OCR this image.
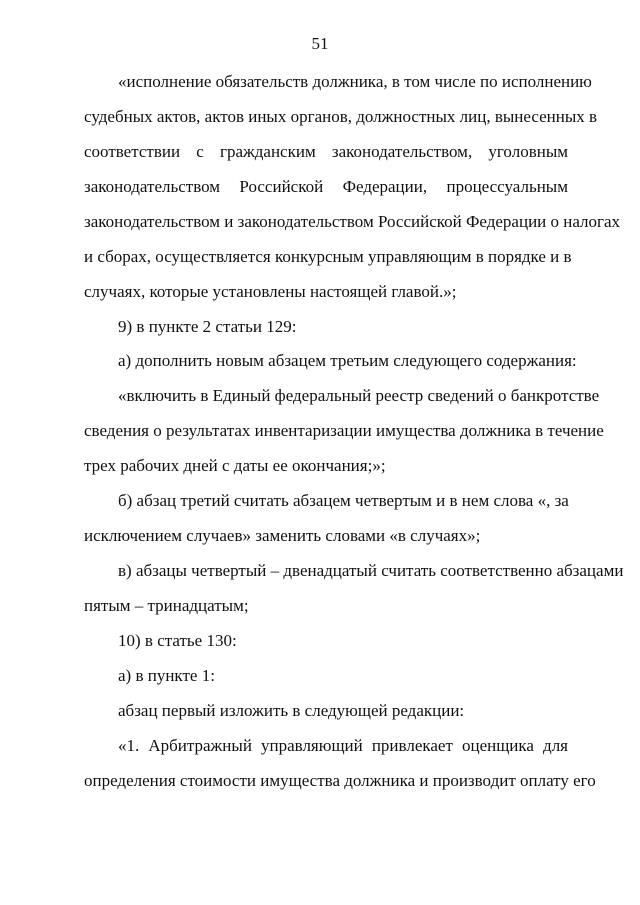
51
«исполнение обязательств должника, в том числе по исполнению
судебных актов, актов иных органов, должностных лиц, вынесенных в
соответствии с гражданским законодательством, уголовным
законодательством Российской Федерации, процессуальным
законодательством и законодательством Российской Федерации о налогах
и сборах, осуществляется конкурсным управляющим в порядке и в
случаях, которые установлены настоящей главой.»;
9) в пункте 2 статьи 129:
а) дополнить новым абзацем третьим следующего содержания:
«включить в Единый федеральный реестр сведений о банкротстве
сведения о результатах инвентаризации имущества должника в течение
трех рабочих дней с даты ее окончания;»;
б) абзац третий считать абзацем четвертым и в нем слова «, за
исключением случаев» заменить словами «в случаях»;
в) абзацы четвертый – двенадцатый считать соответственно абзацами
пятым – тринадцатым;
10) в статье 130:
а) в пункте 1:
абзац первый изложить в следующей редакции:
«1. Арбитражный управляющий привлекает оценщика для
определения стоимости имущества должника и производит оплату его
